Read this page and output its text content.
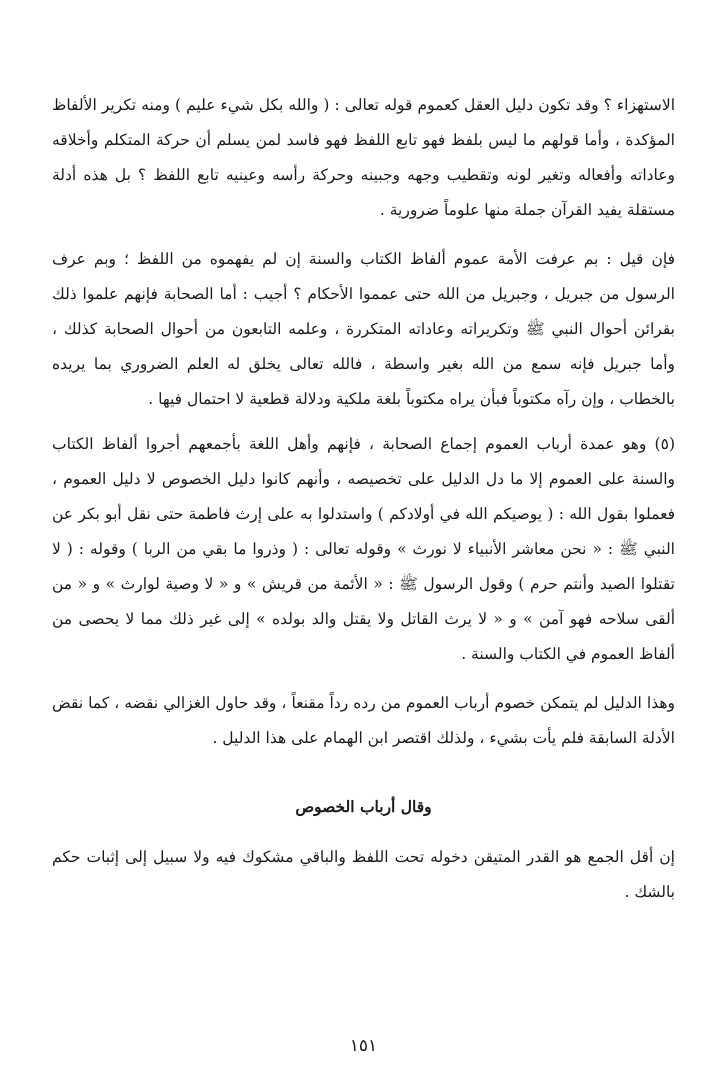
الاستهزاء ؟ وقد تكون دليل العقل كعموم قوله تعالى : ( والله بكل شيء عليم ) ومنه تكرير الألفاظ المؤكدة ، وأما قولهم ما ليس بلفظ فهو تابع اللفظ فهو فاسد لمن يسلم أن حركة المتكلم وأخلاقه وعاداته وأفعاله وتغير لونه وتقطيب وجهه وجبينه وحركة رأسه وعينيه تابع اللفظ ؟ بل هذه أدلة مستقلة يفيد القرآن جملة منها علوماً ضرورية .

فإن قيل : بم عرفت الأمة عموم ألفاظ الكتاب والسنة إن لم يفهموه من اللفظ ؛ وبم عرف الرسول من جبريل ، وجبريل من الله حتى عمموا الأحكام ؟ أجيب : أما الصحابة فإنهم علموا ذلك بقرائن أحوال النبي ﷺ وتكريراته وعاداته المتكررة ، وعلمه التابعون من أحوال الصحابة كذلك ، وأما جبريل فإنه سمع من الله بغير واسطة ، فالله تعالى يخلق له العلم الضروري بما يريده بالخطاب ، وإن رآه مكتوباً فبأن يراه مكتوباً بلغة ملكية ودلالة قطعية لا احتمال فيها .

(٥) وهو عمدة أرباب العموم إجماع الصحابة ، فإنهم وأهل اللغة بأجمعهم أجروا ألفاظ الكتاب والسنة على العموم إلا ما دل الدليل على تخصيصه ، وأنهم كانوا دليل الخصوص لا دليل العموم ، فعملوا بقول الله : ( يوصيكم الله في أولادكم ) واستدلوا به على إرث فاطمة حتى نقل أبو بكر عن النبي ﷺ : « نحن معاشر الأنبياء لا نورث » وقوله تعالى : ( وذروا ما بقي من الربا ) وقوله : ( لا تقتلوا الصيد وأنتم حرم ) وقول الرسول ﷺ : « الأئمة من قريش » و « لا وصية لوارث » و « من ألقى سلاحه فهو آمن » و « لا يرث القاتل ولا يقتل والد بولده » إلى غير ذلك مما لا يحصى من ألفاظ العموم في الكتاب والسنة .

وهذا الدليل لم يتمكن خصوم أرباب العموم من رده رداً مقنعاً ، وقد حاول الغزالي نقضه ، كما نقض الأدلة السابقة فلم يأت بشيء ، ولذلك اقتصر ابن الهمام على هذا الدليل .

وقال أرباب الخصوص

إن أقل الجمع هو القدر المتيقن دخوله تحت اللفظ والباقي مشكوك فيه ولا سبيل إلى إثبات حكم بالشك .

١٥١
